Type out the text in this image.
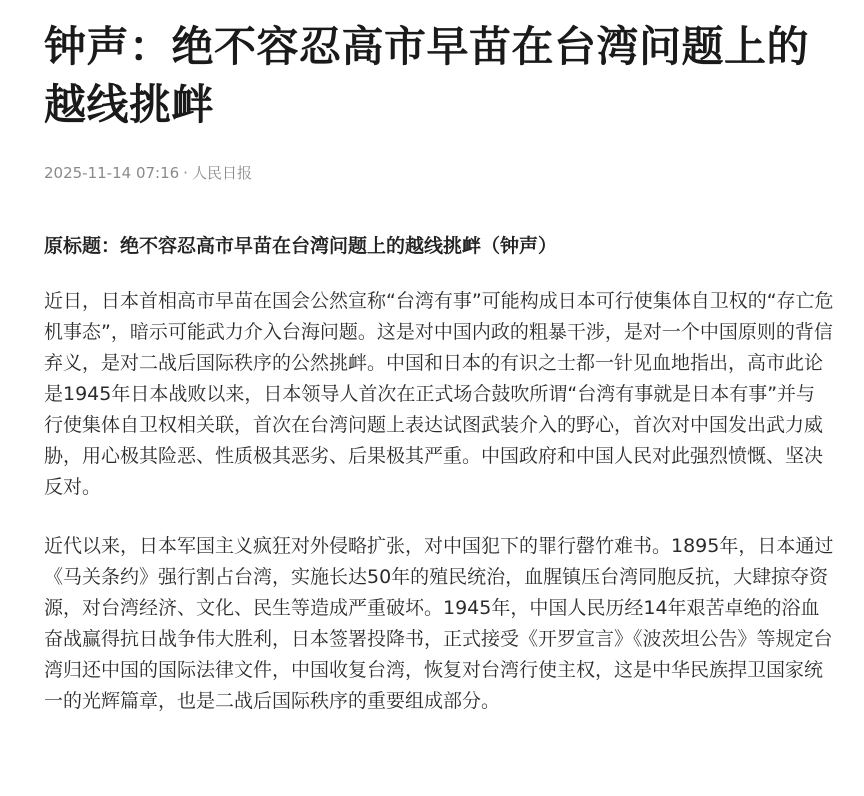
钟声：绝不容忍高市早苗在台湾问题上的越线挑衅
2025-11-14 07:16 · 人民日报
原标题：绝不容忍高市早苗在台湾问题上的越线挑衅（钟声）

近日，日本首相高市早苗在国会公然宣称“台湾有事”可能构成日本可行使集体自卫权的“存亡危机事态”，暗示可能武力介入台海问题。这是对中国内政的粗暴干涉，是对一个中国原则的背信弃义，是对二战后国际秩序的公然挑衅。中国和日本的有识之士都一针见血地指出，高市此论是1945年日本战败以来，日本领导人首次在正式场合鼓吹所谓“台湾有事就是日本有事”并与行使集体自卫权相关联，首次在台湾问题上表达试图武装介入的野心，首次对中国发出武力威胁，用心极其险恶、性质极其恶劣、后果极其严重。中国政府和中国人民对此强烈愤慨、坚决反对。

近代以来，日本军国主义疯狂对外侵略扩张，对中国犯下的罪行罄竹难书。1895年，日本通过《马关条约》强行割占台湾，实施长达50年的殖民统治，血腥镇压台湾同胞反抗，大肆掠夺资源，对台湾经济、文化、民生等造成严重破坏。1945年，中国人民历经14年艰苦卓绝的浴血奋战赢得抗日战争伟大胜利，日本签署投降书，正式接受《开罗宣言》《波茨坦公告》等规定台湾归还中国的国际法律文件，中国收复台湾，恢复对台湾行使主权，这是中华民族捍卫国家统一的光辉篇章，也是二战后国际秩序的重要组成部分。
